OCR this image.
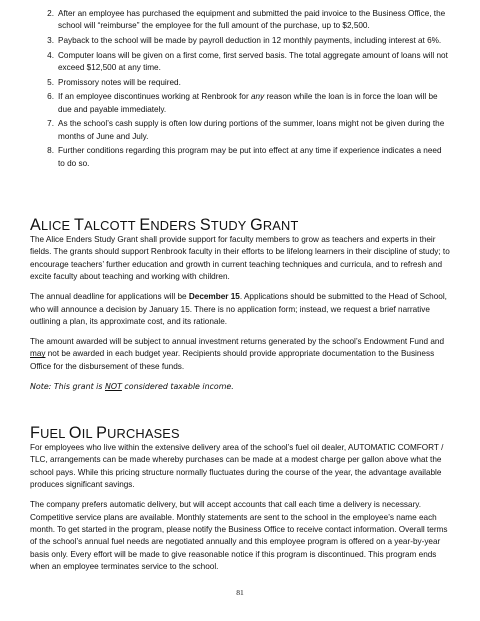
2. After an employee has purchased the equipment and submitted the paid invoice to the Business Office, the school will “reimburse” the employee for the full amount of the purchase, up to $2,500.
3. Payback to the school will be made by payroll deduction in 12 monthly payments, including interest at 6%.
4. Computer loans will be given on a first come, first served basis. The total aggregate amount of loans will not exceed $12,500 at any time.
5. Promissory notes will be required.
6. If an employee discontinues working at Renbrook for any reason while the loan is in force the loan will be due and payable immediately.
7. As the school’s cash supply is often low during portions of the summer, loans might not be given during the months of June and July.
8. Further conditions regarding this program may be put into effect at any time if experience indicates a need to do so.
ALICE TALCOTT ENDERS STUDY GRANT

The Alice Enders Study Grant shall provide support for faculty members to grow as teachers and experts in their fields. The grants should support Renbrook faculty in their efforts to be lifelong learners in their discipline of study; to encourage teachers’ further education and growth in current teaching techniques and curricula, and to refresh and excite faculty about teaching and working with children.

The annual deadline for applications will be December 15. Applications should be submitted to the Head of School, who will announce a decision by January 15. There is no application form; instead, we request a brief narrative outlining a plan, its approximate cost, and its rationale.

The amount awarded will be subject to annual investment returns generated by the school’s Endowment Fund and may not be awarded in each budget year. Recipients should provide appropriate documentation to the Business Office for the disbursement of these funds.

Note: This grant is NOT considered taxable income.

FUEL OIL PURCHASES

For employees who live within the extensive delivery area of the school’s fuel oil dealer, AUTOMATIC COMFORT / TLC, arrangements can be made whereby purchases can be made at a modest charge per gallon above what the school pays. While this pricing structure normally fluctuates during the course of the year, the advantage available produces significant savings.

The company prefers automatic delivery, but will accept accounts that call each time a delivery is necessary. Competitive service plans are available. Monthly statements are sent to the school in the employee’s name each month. To get started in the program, please notify the Business Office to receive contact information. Overall terms of the school’s annual fuel needs are negotiated annually and this employee program is offered on a year-by-year basis only. Every effort will be made to give reasonable notice if this program is discontinued. This program ends when an employee terminates service to the school.

81
